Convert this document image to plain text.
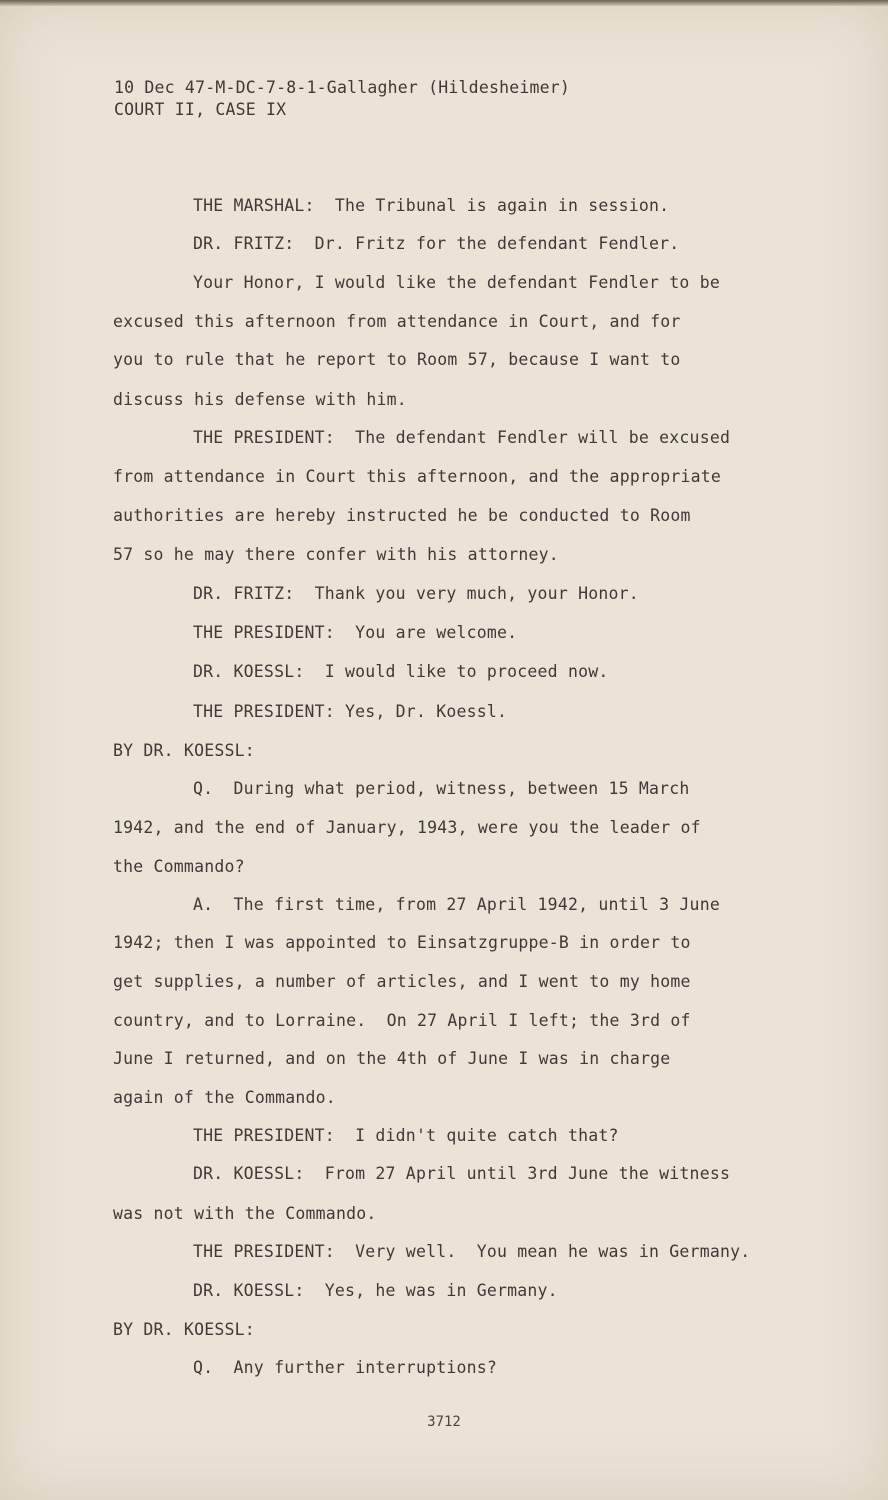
10 Dec 47-M-DC-7-8-1-Gallagher (Hildesheimer)
COURT II, CASE IX
THE MARSHAL:  The Tribunal is again in session.
DR. FRITZ:  Dr. Fritz for the defendant Fendler.
Your Honor, I would like the defendant Fendler to be
excused this afternoon from attendance in Court, and for
you to rule that he report to Room 57, because I want to
discuss his defense with him.
THE PRESIDENT:  The defendant Fendler will be excused
from attendance in Court this afternoon, and the appropriate
authorities are hereby instructed he be conducted to Room
57 so he may there confer with his attorney.
DR. FRITZ:  Thank you very much, your Honor.
THE PRESIDENT:  You are welcome.
DR. KOESSL:  I would like to proceed now.
THE PRESIDENT: Yes, Dr. Koessl.
BY DR. KOESSL:
Q.  During what period, witness, between 15 March
1942, and the end of January, 1943, were you the leader of
the Commando?
A.  The first time, from 27 April 1942, until 3 June
1942; then I was appointed to Einsatzgruppe-B in order to
get supplies, a number of articles, and I went to my home
country, and to Lorraine.  On 27 April I left; the 3rd of
June I returned, and on the 4th of June I was in charge
again of the Commando.
THE PRESIDENT:  I didn't quite catch that?
DR. KOESSL:  From 27 April until 3rd June the witness
was not with the Commando.
THE PRESIDENT:  Very well.  You mean he was in Germany.
DR. KOESSL:  Yes, he was in Germany.
BY DR. KOESSL:
Q.  Any further interruptions?
3712
